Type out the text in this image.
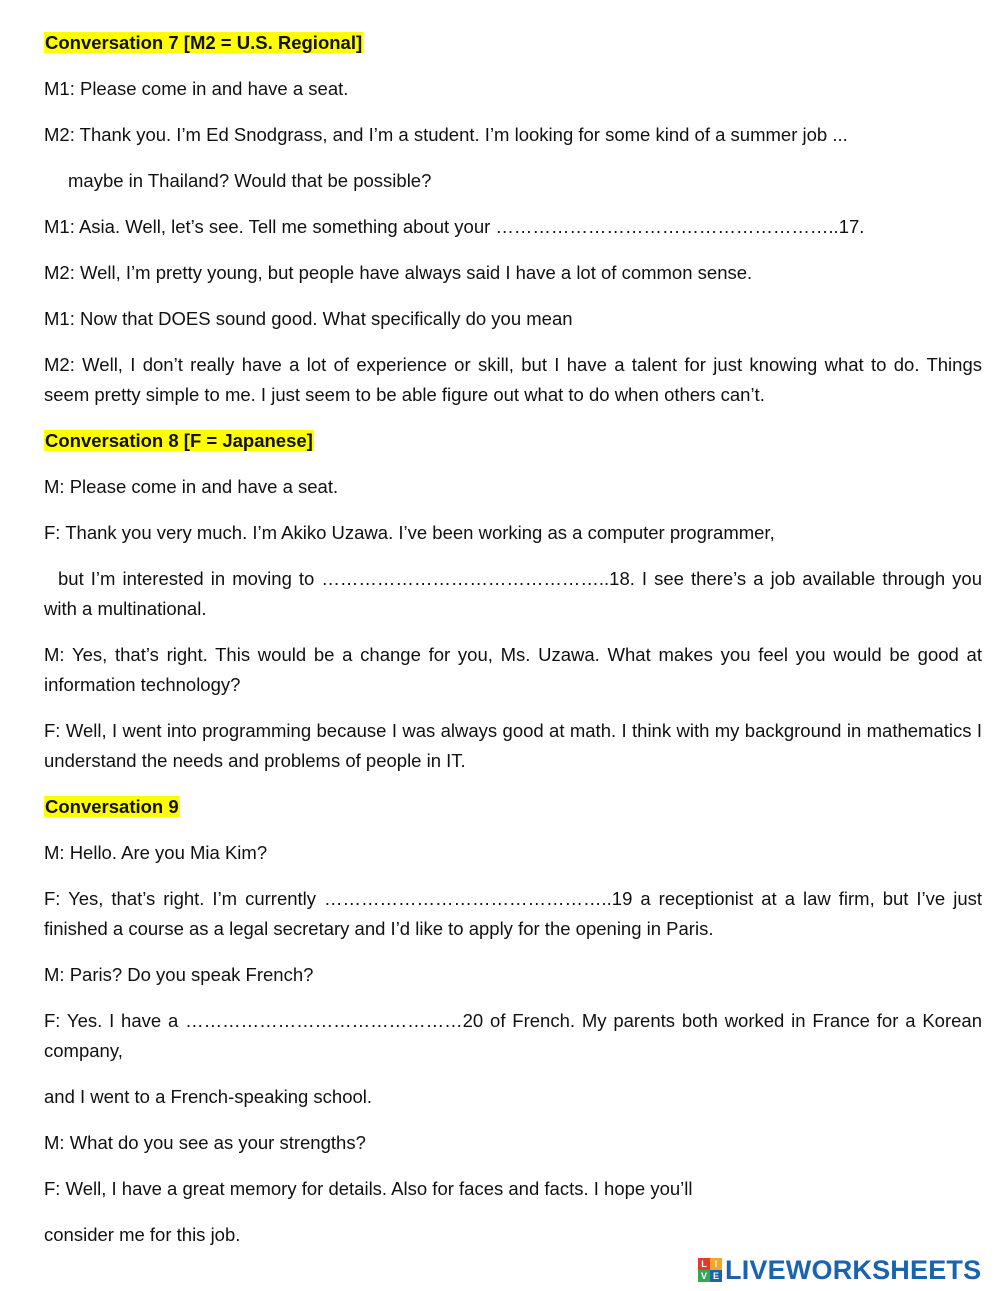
Conversation 7 [M2 = U.S. Regional]
M1: Please come in and have a seat.
M2: Thank you. I’m Ed Snodgrass, and I’m a student. I’m looking for some kind of a summer job ...
maybe in Thailand? Would that be possible?
M1: Asia. Well, let’s see. Tell me something about your ………………………………………………..17.
M2: Well, I’m pretty young, but people have always said I have a lot of common sense.
M1: Now that DOES sound good. What specifically do you mean
M2: Well, I don’t really have a lot of experience or skill, but I have a talent for just knowing what to do. Things seem pretty simple to me. I just seem to be able figure out what to do when others can’t.
Conversation 8 [F = Japanese]
M: Please come in and have a seat.
F: Thank you very much. I’m Akiko Uzawa. I’ve been working as a computer programmer,
but I’m interested in moving to ………………………………………..18. I see there’s a job available through you with a multinational.
M: Yes, that’s right. This would be a change for you, Ms. Uzawa. What makes you feel you would be good at information technology?
F: Well, I went into programming because I was always good at math. I think with my background in mathematics I understand the needs and problems of people in IT.
Conversation 9
M: Hello. Are you Mia Kim?
F: Yes, that’s right. I’m currently ………………………………………..19 a receptionist at a law firm, but I’ve just finished a course as a legal secretary and I’d like to apply for the opening in Paris.
M: Paris? Do you speak French?
F: Yes. I have a ………………………………………20 of French. My parents both worked in France for a Korean company,
and I went to a French-speaking school.
M: What do you see as your strengths?
F: Well, I have a great memory for details. Also for faces and facts. I hope you’ll
consider me for this job.
L I
V E LIVEWORKSHEETS
